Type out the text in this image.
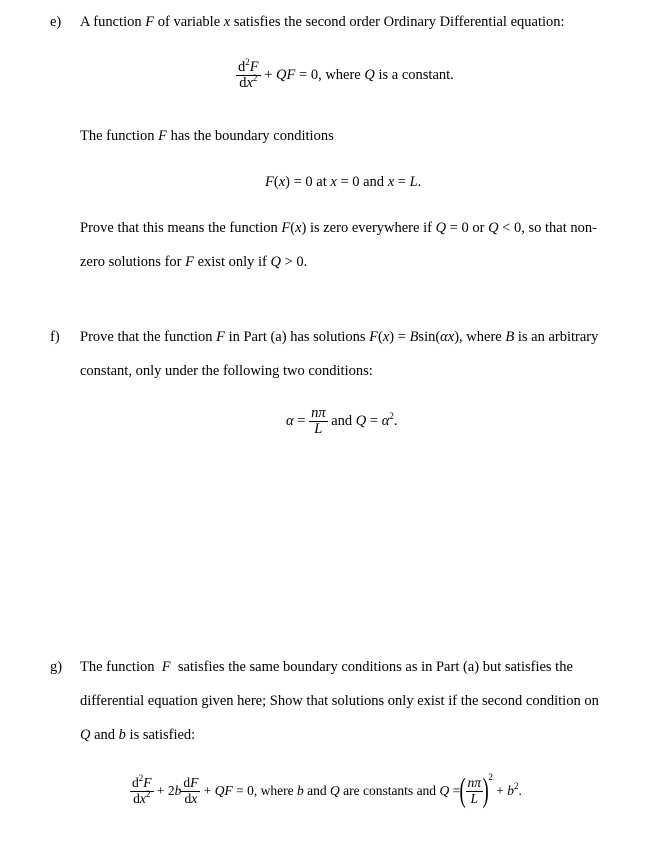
e) A function F of variable x satisfies the second order Ordinary Differential equation:
$\frac{d^2F}{dx^2}$ + QF = 0, where Q is a constant.
The function F has the boundary conditions
F(x) = 0 at x = 0 and x = L.
Prove that this means the function F(x) is zero everywhere if Q = 0 or Q < 0, so that non-
zero solutions for F exist only if Q > 0.
f) Prove that the function F in Part (a) has solutions F(x) = Bsin(αx), where B is an arbitrary
constant, only under the following two conditions:
$\alpha = \frac{n\pi}{L}$ and $Q = \alpha^2$.
g) The function  F  satisfies the same boundary conditions as in Part (a) but satisfies the
differential equation given here; Show that solutions only exist if the second condition on
Q and b is satisfied:
$\frac{d^2F}{dx^2} + 2b \frac{dF}{dx}$ + QF = 0, where b and Q are constants and Q =( $\frac{n\pi}{L} )^2 + b^2$.
